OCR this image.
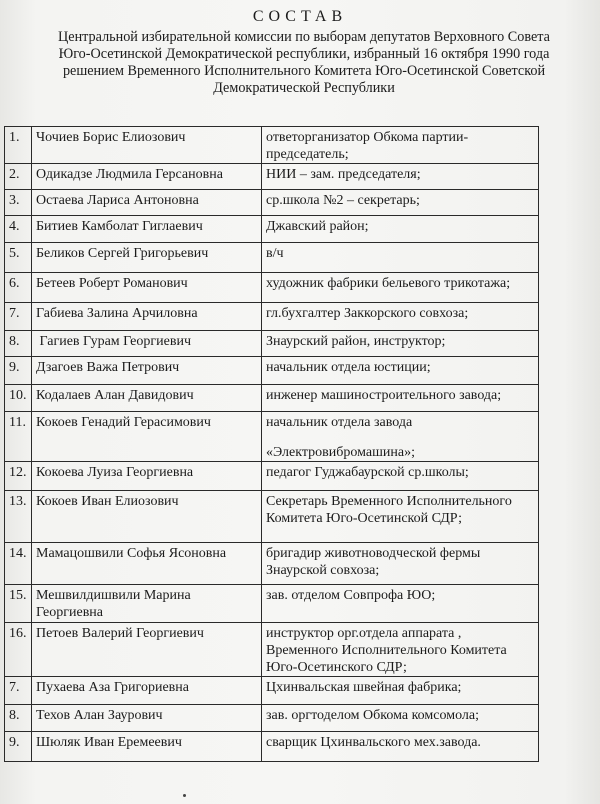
СОСТАВ
Центральной избирательной комиссии по выборам депутатов Верховного Совета
Юго-Осетинской Демократической республики, избранный 16 октября 1990 года
решением Временного Исполнительного Комитета Юго-Осетинской Советской
Демократической Республики
1.	Чочиев Борис Елиозович	ответорганизатор Обкома партии-
председатель;

2.	Одикадзе Людмила Герсановна	НИИ – зам. председателя;

3.	Остаева Лариса Антоновна	ср.школа №2 – секретарь;

4.	Битиев Камболат Гиглаевич	Джавский район;

5.	Беликов Сергей Григорьевич	в/ч

6.	Бетеев Роберт Романович	художник фабрики бельевого трикотажа;

7.	Габиева Залина Арчиловна	гл.бухгалтер Заккорского совхоза;

8.	Гагиев Гурам Георгиевич	Знаурский район, инструктор;

9.	Дзагоев Важа Петрович	начальник отдела юстиции;

10.	Кодалаев Алан Давидович	инженер машиностроительного завода;

11.	Кокоев Генадий Герасимович	начальник отдела завода
«Электровибромашина»;

12.	Кокоева Луиза Георгиевна	педагог Гуджабаурской ср.школы;

13.	Кокоев Иван Елиозович	Секретарь Временного Исполнительного
Комитета Юго-Осетинской СДР;

14.	Мамацошвили Софья Ясоновна	бригадир животноводческой фермы
Знаурской совхоза;

15.	Мешвилдишвили Марина Георгиевна	зав. отделом Совпрофа ЮО;

16.	Петоев Валерий Георгиевич	инструктор орг.отдела аппарата ,
Временного Исполнительного Комитета
Юго-Осетинского СДР;

7.	Пухаева Аза Григориевна	Цхинвальская швейная фабрика;

8.	Техов Алан Заурович	зав. оргтоделом Обкома комсомола;

9.	Шюляк Иван Еремеевич	сварщик Цхинвальского мех.завода.
